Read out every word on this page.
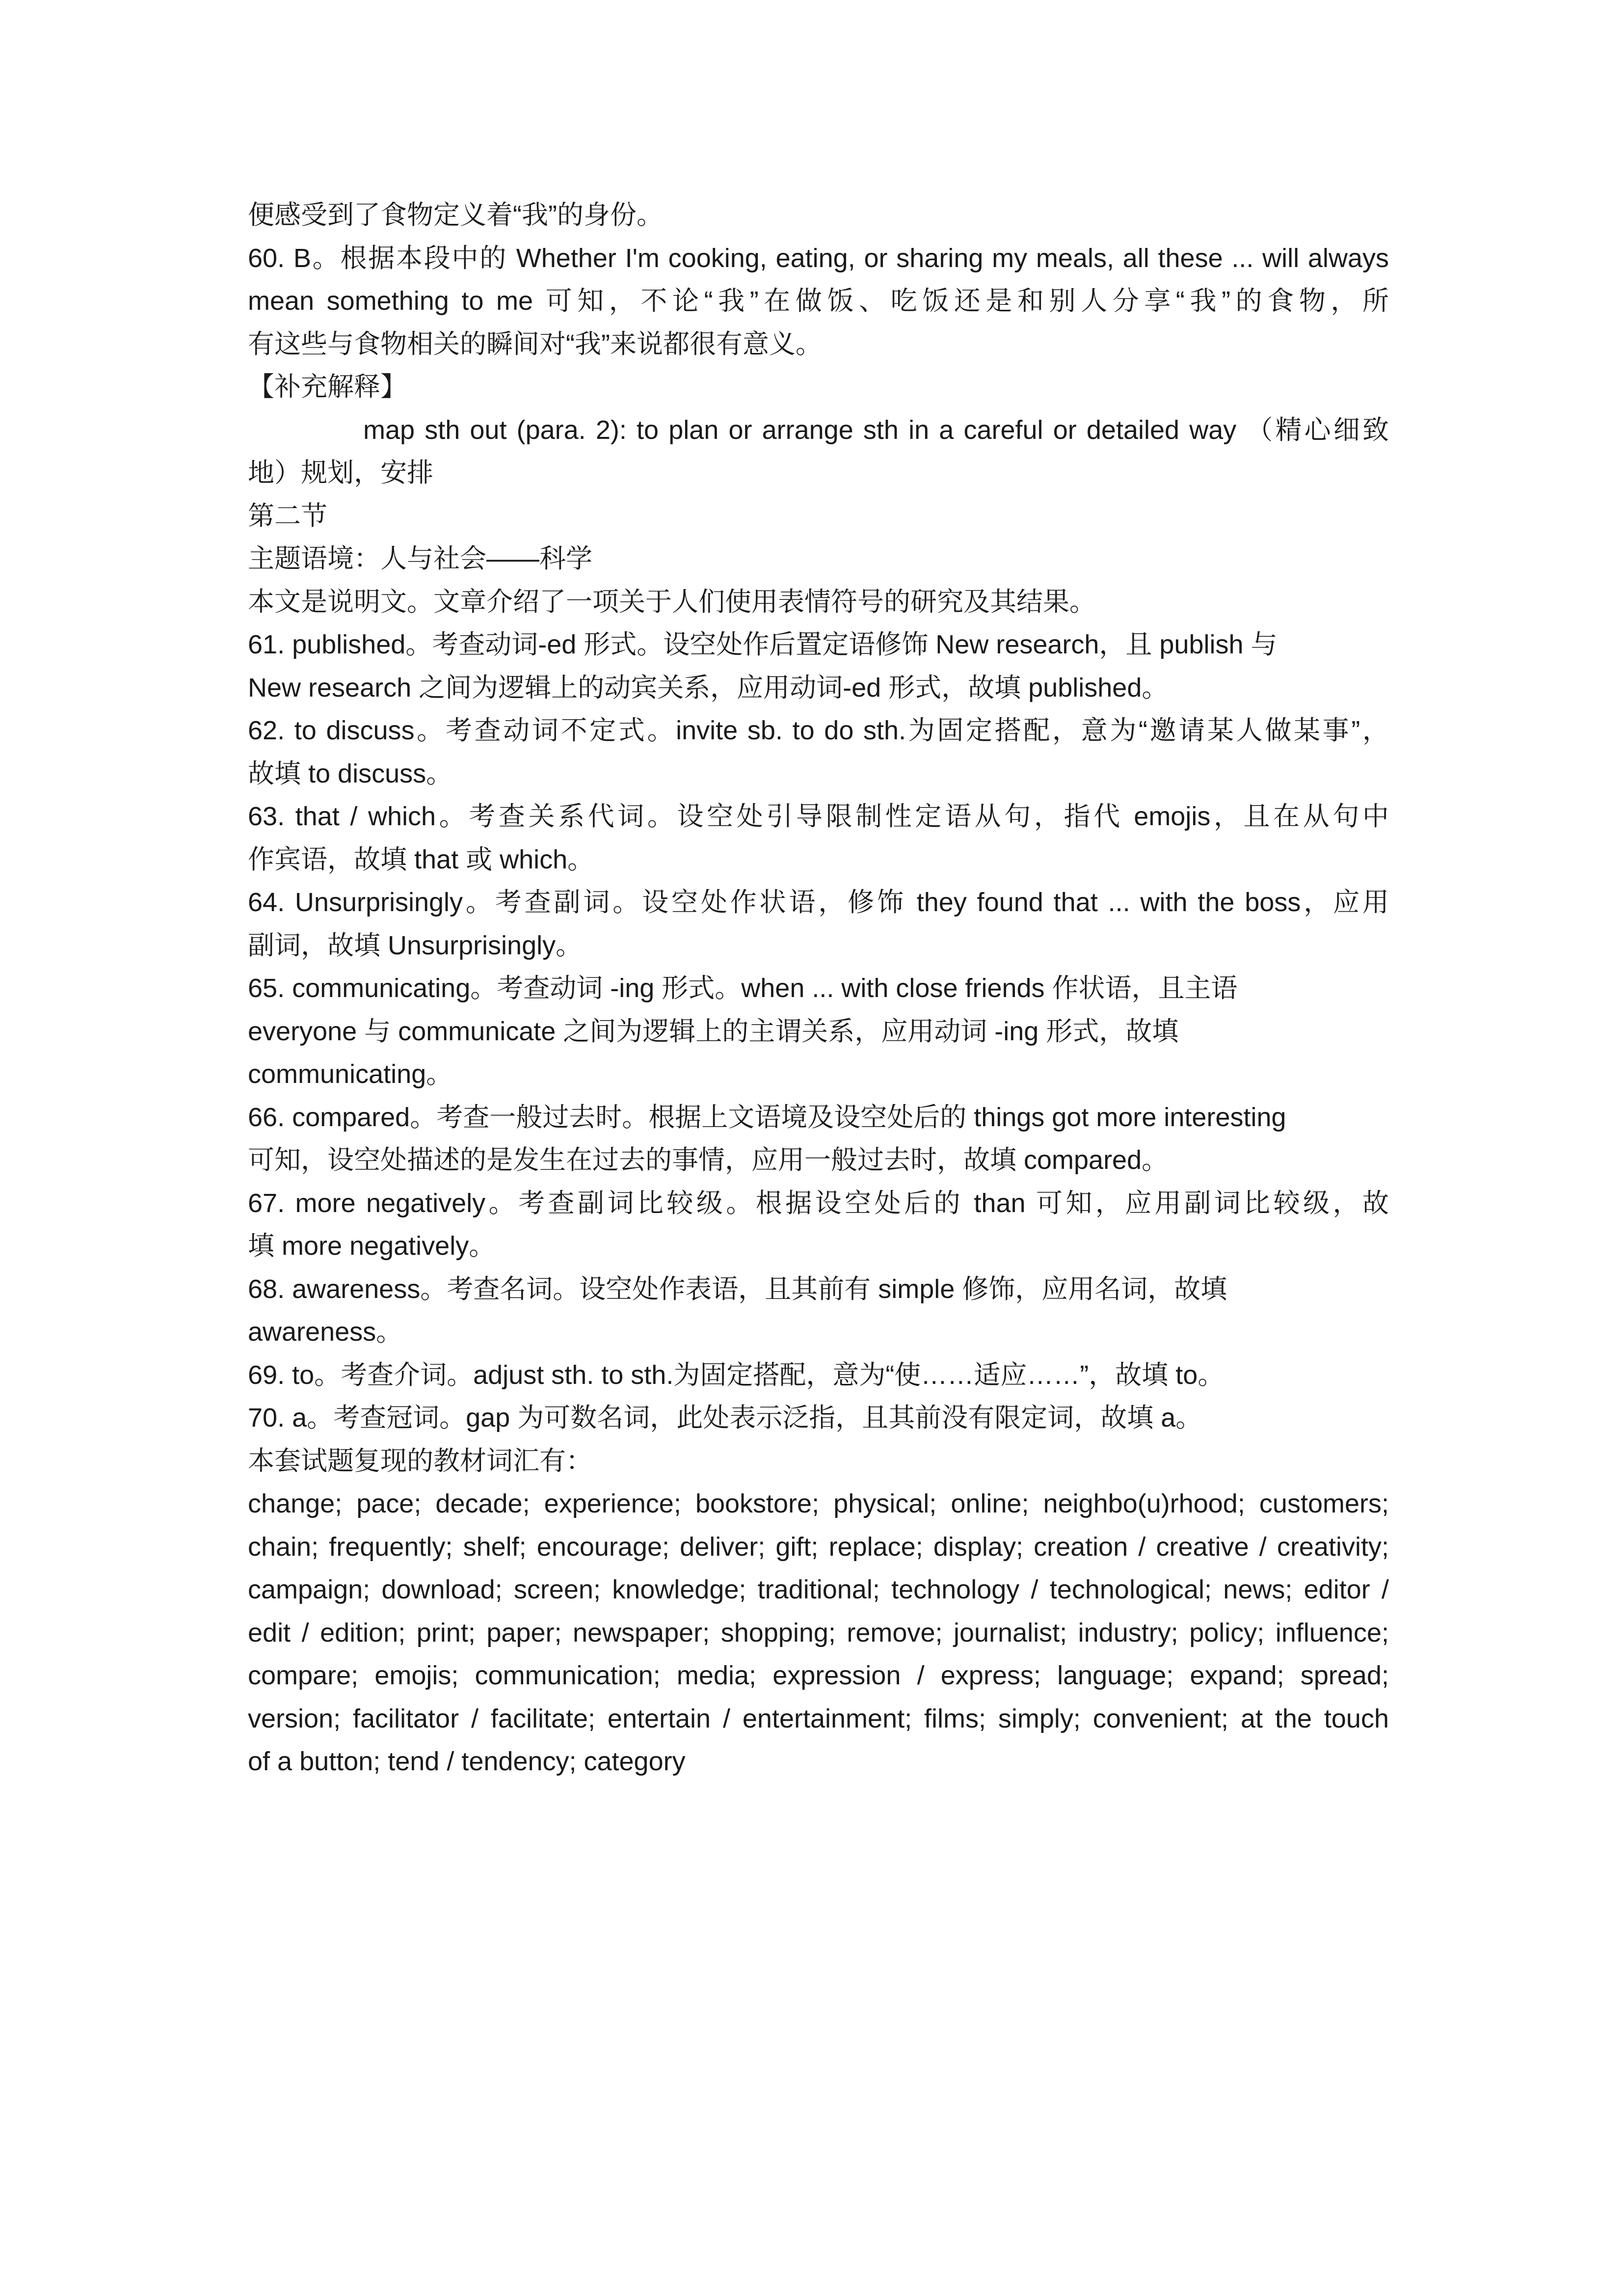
便感受到了食物定义着“我”的身份。
60. B。根据本段中的 Whether I'm cooking, eating, or sharing my meals, all these ... will always
mean something to me 可知，不论“我”在做饭、吃饭还是和别人分享“我”的食物，所
有这些与食物相关的瞬间对“我”来说都很有意义。
【补充解释】
map sth out (para. 2): to plan or arrange sth in a careful or detailed way （精心细致
地）规划，安排
第二节
主题语境：人与社会——科学
本文是说明文。文章介绍了一项关于人们使用表情符号的研究及其结果。
61. published。考查动词-ed 形式。设空处作后置定语修饰 New research，且 publish 与
New research 之间为逻辑上的动宾关系，应用动词-ed 形式，故填 published。
62. to discuss。考查动词不定式。invite sb. to do sth.为固定搭配，意为“邀请某人做某事”，
故填 to discuss。
63. that / which。考查关系代词。设空处引导限制性定语从句，指代 emojis，且在从句中
作宾语，故填 that 或 which。
64. Unsurprisingly。考查副词。设空处作状语，修饰 they found that ... with the boss，应用
副词，故填 Unsurprisingly。
65. communicating。考查动词 -ing 形式。when ... with close friends 作状语，且主语
everyone 与 communicate 之间为逻辑上的主谓关系，应用动词 -ing 形式，故填
communicating。
66. compared。考查一般过去时。根据上文语境及设空处后的 things got more interesting
可知，设空处描述的是发生在过去的事情，应用一般过去时，故填 compared。
67. more negatively。考查副词比较级。根据设空处后的 than 可知，应用副词比较级，故
填 more negatively。
68. awareness。考查名词。设空处作表语，且其前有 simple 修饰，应用名词，故填
awareness。
69. to。考查介词。adjust sth. to sth.为固定搭配，意为“使……适应……”，故填 to。
70. a。考查冠词。gap 为可数名词，此处表示泛指，且其前没有限定词，故填 a。
本套试题复现的教材词汇有：
change; pace; decade; experience; bookstore; physical; online; neighbo(u)rhood; customers;
chain; frequently; shelf; encourage; deliver; gift; replace; display; creation / creative / creativity;
campaign; download; screen; knowledge; traditional; technology / technological; news; editor /
edit / edition; print; paper; newspaper; shopping; remove; journalist; industry; policy; influence;
compare; emojis; communication; media; expression / express; language; expand; spread;
version; facilitator / facilitate; entertain / entertainment; films; simply; convenient; at the touch
of a button; tend / tendency; category
